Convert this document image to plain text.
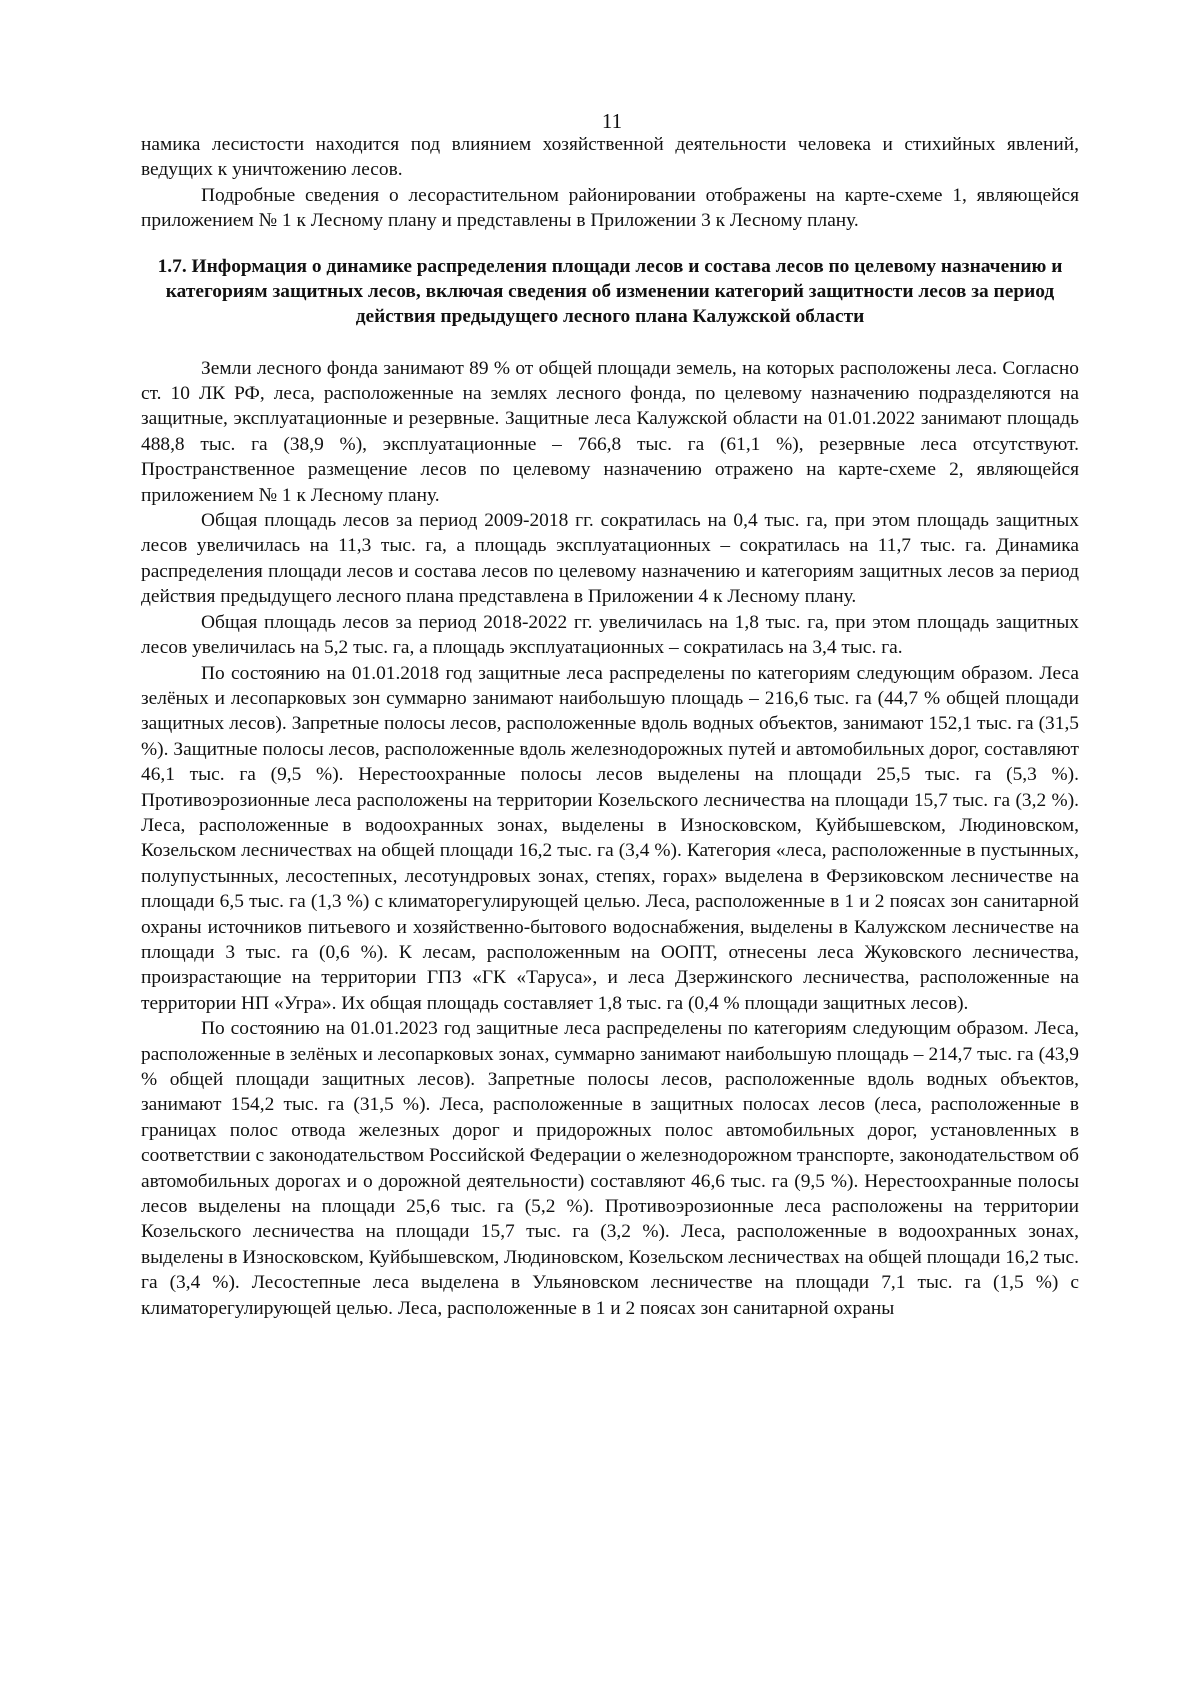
11

намика лесистости находится под влиянием хозяйственной деятельности человека и стихийных явлений, ведущих к уничтожению лесов.

Подробные сведения о лесорастительном районировании отображены на карте-схеме 1, являющейся приложением № 1 к Лесному плану и представлены в Приложении 3 к Лесному плану.

1.7. Информация о динамике распределения площади лесов и состава лесов по целевому назначению и категориям защитных лесов, включая сведения об изменении категорий защитности лесов за период действия предыдущего лесного плана Калужской области

Земли лесного фонда занимают 89 % от общей площади земель, на которых расположены леса. Согласно ст. 10 ЛК РФ, леса, расположенные на землях лесного фонда, по целевому назначению подразделяются на защитные, эксплуатационные и резервные. Защитные леса Калужской области на 01.01.2022 занимают площадь 488,8 тыс. га (38,9 %), эксплуатационные – 766,8 тыс. га (61,1 %), резервные леса отсутствуют. Пространственное размещение лесов по целевому назначению отражено на карте-схеме 2, являющейся приложением № 1 к Лесному плану.

Общая площадь лесов за период 2009-2018 гг. сократилась на 0,4 тыс. га, при этом площадь защитных лесов увеличилась на 11,3 тыс. га, а площадь эксплуатационных – сократилась на 11,7 тыс. га. Динамика распределения площади лесов и состава лесов по целевому назначению и категориям защитных лесов за период действия предыдущего лесного плана представлена в Приложении 4 к Лесному плану.

Общая площадь лесов за период 2018-2022 гг. увеличилась на 1,8 тыс. га, при этом площадь защитных лесов увеличилась на 5,2 тыс. га, а площадь эксплуатационных – сократилась на 3,4 тыс. га.

По состоянию на 01.01.2018 год защитные леса распределены по категориям следующим образом. Леса зелёных и лесопарковых зон суммарно занимают наибольшую площадь – 216,6 тыс. га (44,7 % общей площади защитных лесов). Запретные полосы лесов, расположенные вдоль водных объектов, занимают 152,1 тыс. га (31,5 %). Защитные полосы лесов, расположенные вдоль железнодорожных путей и автомобильных дорог, составляют 46,1 тыс. га (9,5 %). Нерестоохранные полосы лесов выделены на площади 25,5 тыс. га (5,3 %). Противоэрозионные леса расположены на территории Козельского лесничества на площади 15,7 тыс. га (3,2 %). Леса, расположенные в водоохранных зонах, выделены в Износковском, Куйбышевском, Людиновском, Козельском лесничествах на общей площади 16,2 тыс. га (3,4 %). Категория «леса, расположенные в пустынных, полупустынных, лесостепных, лесотундровых зонах, степях, горах» выделена в Ферзиковском лесничестве на площади 6,5 тыс. га (1,3 %) с климаторегулирующей целью. Леса, расположенные в 1 и 2 поясах зон санитарной охраны источников питьевого и хозяйственно-бытового водоснабжения, выделены в Калужском лесничестве на площади 3 тыс. га (0,6 %). К лесам, расположенным на ООПТ, отнесены леса Жуковского лесничества, произрастающие на территории ГПЗ «ГК «Таруса», и леса Дзержинского лесничества, расположенные на территории НП «Угра». Их общая площадь составляет 1,8 тыс. га (0,4 % площади защитных лесов).

По состоянию на 01.01.2023 год защитные леса распределены по категориям следующим образом. Леса, расположенные в зелёных и лесопарковых зонах, суммарно занимают наибольшую площадь – 214,7 тыс. га (43,9 % общей площади защитных лесов). Запретные полосы лесов, расположенные вдоль водных объектов, занимают 154,2 тыс. га (31,5 %). Леса, расположенные в защитных полосах лесов (леса, расположенные в границах полос отвода железных дорог и придорожных полос автомобильных дорог, установленных в соответствии с законодательством Российской Федерации о железнодорожном транспорте, законодательством об автомобильных дорогах и о дорожной деятельности) составляют 46,6 тыс. га (9,5 %). Нерестоохранные полосы лесов выделены на площади 25,6 тыс. га (5,2 %). Противоэрозионные леса расположены на территории Козельского лесничества на площади 15,7 тыс. га (3,2 %). Леса, расположенные в водоохранных зонах, выделены в Износковском, Куйбышевском, Людиновском, Козельском лесничествах на общей площади 16,2 тыс. га (3,4 %). Лесостепные леса выделена в Ульяновском лесничестве на площади 7,1 тыс. га (1,5 %) с климаторегулирующей целью. Леса, расположенные в 1 и 2 поясах зон санитарной охраны
